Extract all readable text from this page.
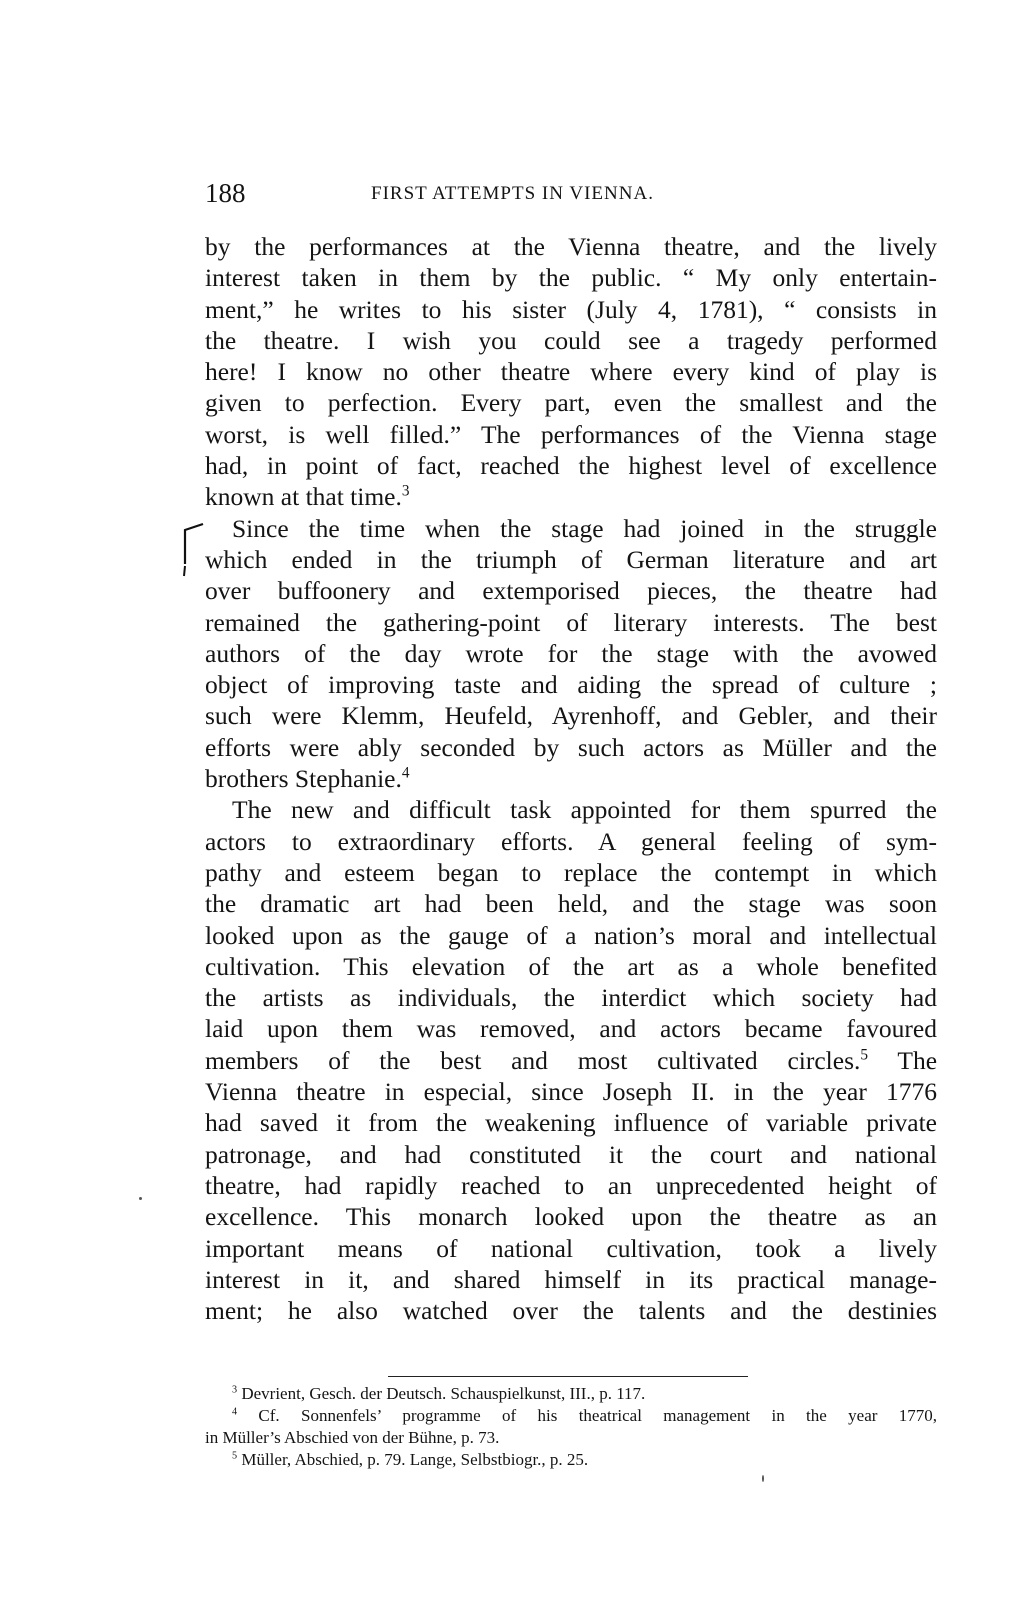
188	FIRST ATTEMPTS IN VIENNA.
by the performances at the Vienna theatre, and the lively
interest taken in them by the public. “ My only entertain-
ment,” he writes to his sister (July 4, 1781), “ consists in
the theatre. I wish you could see a tragedy performed
here! I know no other theatre where every kind of play is
given to perfection. Every part, even the smallest and the
worst, is well filled.” The performances of the Vienna stage
had, in point of fact, reached the highest level of excellence
known at that time.$^3$
Since the time when the stage had joined in the struggle
which ended in the triumph of German literature and art
over buffoonery and extemporised pieces, the theatre had
remained the gathering-point of literary interests. The best
authors of the day wrote for the stage with the avowed
object of improving taste and aiding the spread of culture ;
such were Klemm, Heufeld, Ayrenhoff, and Gebler, and their
efforts were ably seconded by such actors as Müller and the
brothers Stephanie.$^4$
The new and difficult task appointed for them spurred the
actors to extraordinary efforts. A general feeling of sym-
pathy and esteem began to replace the contempt in which
the dramatic art had been held, and the stage was soon
looked upon as the gauge of a nation’s moral and intellectual
cultivation. This elevation of the art as a whole benefited
the artists as individuals, the interdict which society had
laid upon them was removed, and actors became favoured
members of the best and most cultivated circles.$^5$ The
Vienna theatre in especial, since Joseph II. in the year 1776
had saved it from the weakening influence of variable private
patronage, and had constituted it the court and national
theatre, had rapidly reached to an unprecedented height of
excellence. This monarch looked upon the theatre as an
important means of national cultivation, took a lively
interest in it, and shared himself in its practical manage-
ment; he also watched over the talents and the destinies
$^3$ Devrient, Gesch. der Deutsch. Schauspielkunst, III., p. 117.
$^4$ Cf. Sonnenfels’ programme of his theatrical management in the year 1770,
in Müller’s Abschied von der Bühne, p. 73.
$^5$ Müller, Abschied, p. 79. Lange, Selbstbiogr., p. 25.
